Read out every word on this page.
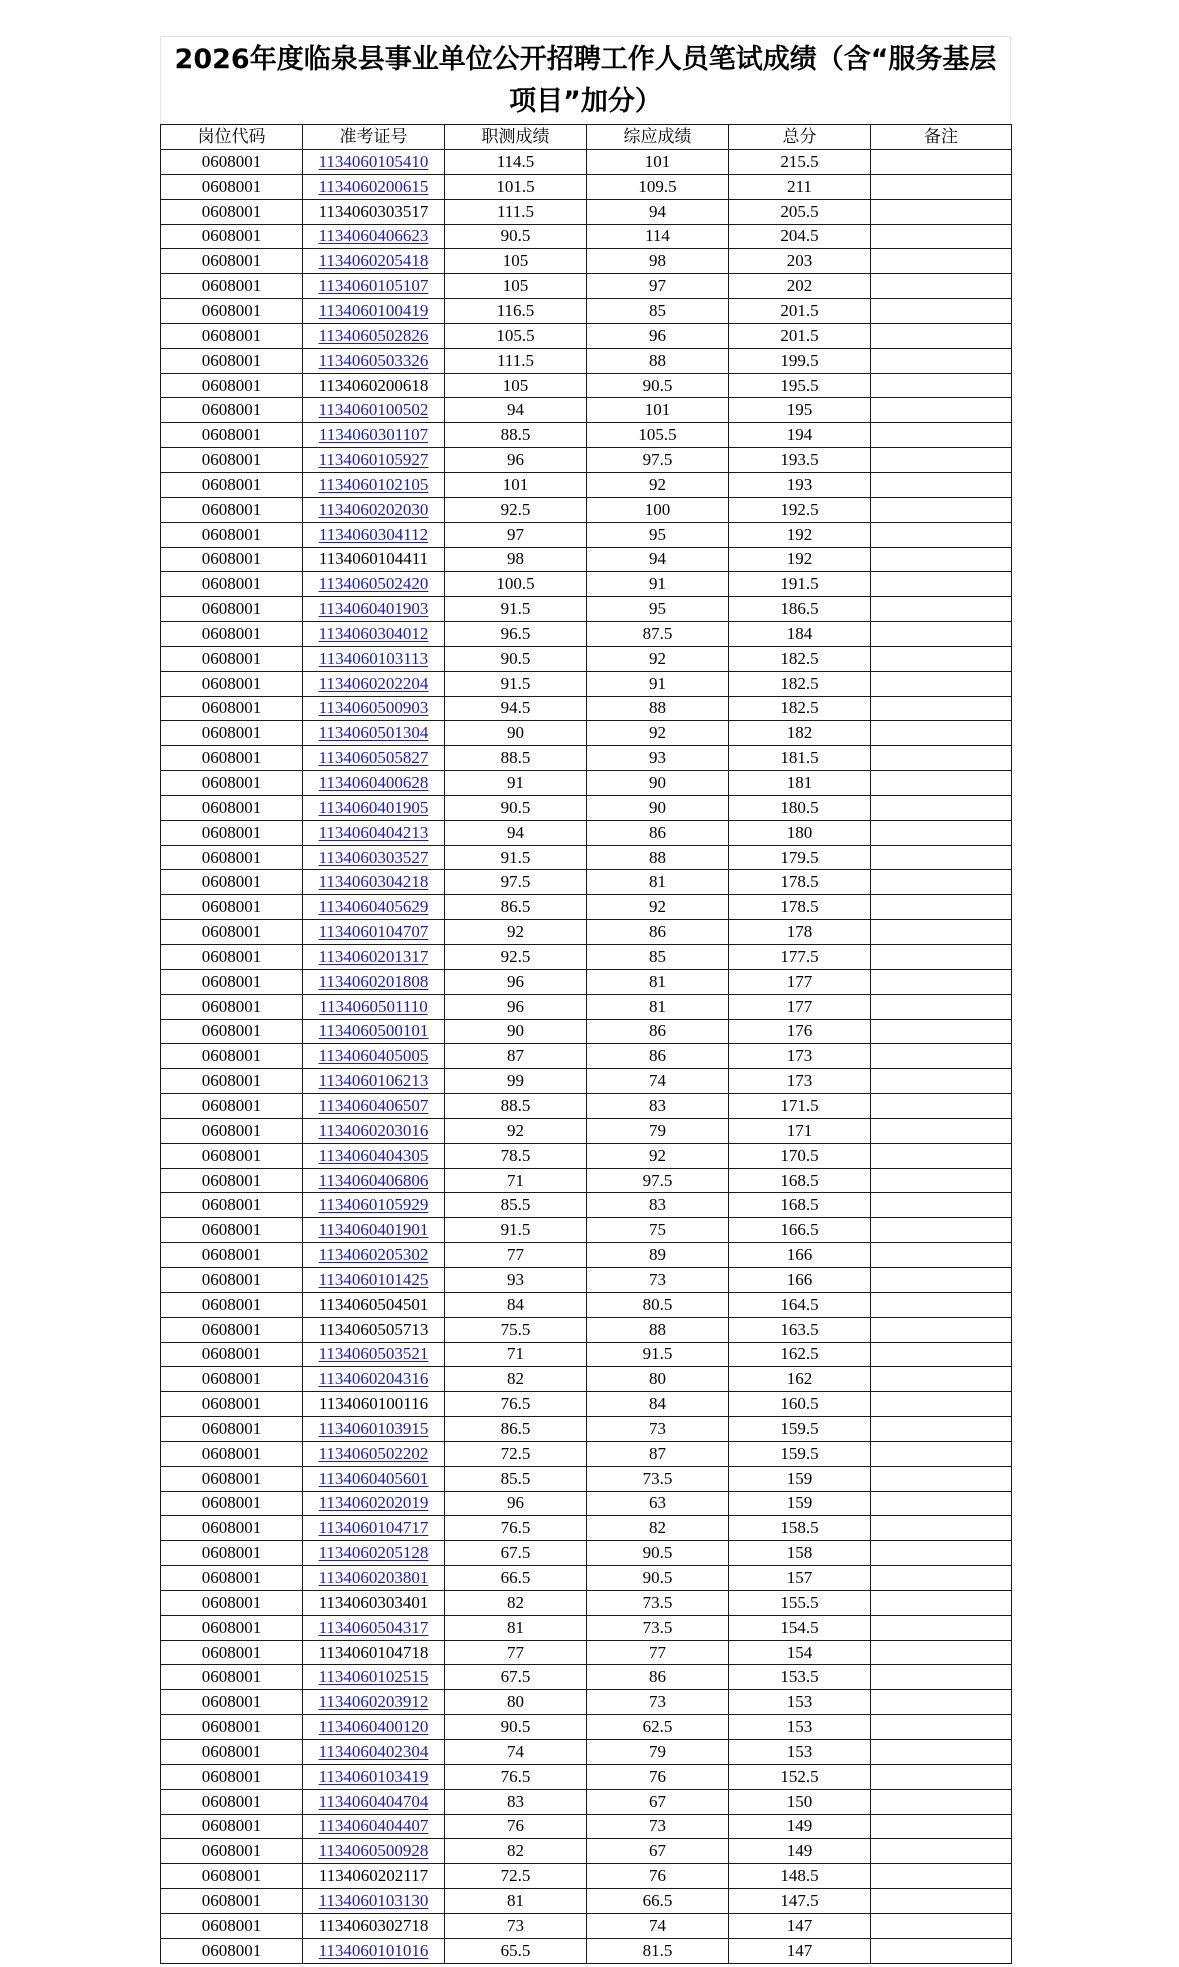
2026年度临泉县事业单位公开招聘工作人员笔试成绩（含“服务基层项目”加分）
岗位代码	准考证号	职测成绩	综应成绩	总分	备注
0608001	1134060105410	114.5	101	215.5	
0608001	1134060200615	101.5	109.5	211	
0608001	1134060303517	111.5	94	205.5	
0608001	1134060406623	90.5	114	204.5	
0608001	1134060205418	105	98	203	
0608001	1134060105107	105	97	202	
0608001	1134060100419	116.5	85	201.5	
0608001	1134060502826	105.5	96	201.5	
0608001	1134060503326	111.5	88	199.5	
0608001	1134060200618	105	90.5	195.5	
0608001	1134060100502	94	101	195	
0608001	1134060301107	88.5	105.5	194	
0608001	1134060105927	96	97.5	193.5	
0608001	1134060102105	101	92	193	
0608001	1134060202030	92.5	100	192.5	
0608001	1134060304112	97	95	192	
0608001	1134060104411	98	94	192	
0608001	1134060502420	100.5	91	191.5	
0608001	1134060401903	91.5	95	186.5	
0608001	1134060304012	96.5	87.5	184	
0608001	1134060103113	90.5	92	182.5	
0608001	1134060202204	91.5	91	182.5	
0608001	1134060500903	94.5	88	182.5	
0608001	1134060501304	90	92	182	
0608001	1134060505827	88.5	93	181.5	
0608001	1134060400628	91	90	181	
0608001	1134060401905	90.5	90	180.5	
0608001	1134060404213	94	86	180	
0608001	1134060303527	91.5	88	179.5	
0608001	1134060304218	97.5	81	178.5	
0608001	1134060405629	86.5	92	178.5	
0608001	1134060104707	92	86	178	
0608001	1134060201317	92.5	85	177.5	
0608001	1134060201808	96	81	177	
0608001	1134060501110	96	81	177	
0608001	1134060500101	90	86	176	
0608001	1134060405005	87	86	173	
0608001	1134060106213	99	74	173	
0608001	1134060406507	88.5	83	171.5	
0608001	1134060203016	92	79	171	
0608001	1134060404305	78.5	92	170.5	
0608001	1134060406806	71	97.5	168.5	
0608001	1134060105929	85.5	83	168.5	
0608001	1134060401901	91.5	75	166.5	
0608001	1134060205302	77	89	166	
0608001	1134060101425	93	73	166	
0608001	1134060504501	84	80.5	164.5	
0608001	1134060505713	75.5	88	163.5	
0608001	1134060503521	71	91.5	162.5	
0608001	1134060204316	82	80	162	
0608001	1134060100116	76.5	84	160.5	
0608001	1134060103915	86.5	73	159.5	
0608001	1134060502202	72.5	87	159.5	
0608001	1134060405601	85.5	73.5	159	
0608001	1134060202019	96	63	159	
0608001	1134060104717	76.5	82	158.5	
0608001	1134060205128	67.5	90.5	158	
0608001	1134060203801	66.5	90.5	157	
0608001	1134060303401	82	73.5	155.5	
0608001	1134060504317	81	73.5	154.5	
0608001	1134060104718	77	77	154	
0608001	1134060102515	67.5	86	153.5	
0608001	1134060203912	80	73	153	
0608001	1134060400120	90.5	62.5	153	
0608001	1134060402304	74	79	153	
0608001	1134060103419	76.5	76	152.5	
0608001	1134060404704	83	67	150	
0608001	1134060404407	76	73	149	
0608001	1134060500928	82	67	149	
0608001	1134060202117	72.5	76	148.5	
0608001	1134060103130	81	66.5	147.5	
0608001	1134060302718	73	74	147	
0608001	1134060101016	65.5	81.5	147	
